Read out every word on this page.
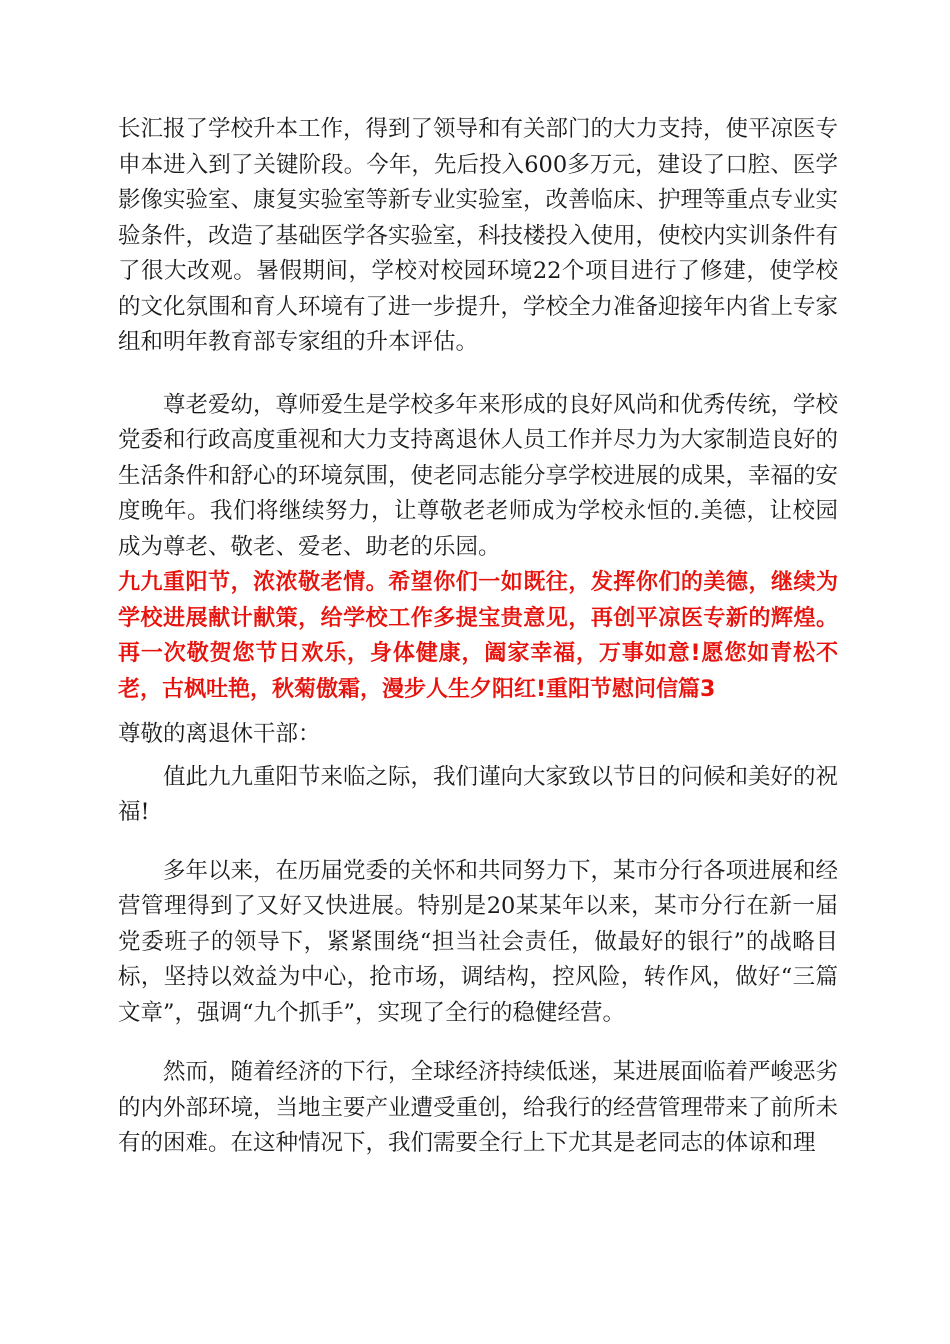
长汇报了学校升本工作，得到了领导和有关部门的大力支持，使平凉医专申本进入到了关键阶段。今年，先后投入600多万元，建设了口腔、医学影像实验室、康复实验室等新专业实验室，改善临床、护理等重点专业实验条件，改造了基础医学各实验室，科技楼投入使用，使校内实训条件有了很大改观。暑假期间，学校对校园环境22个项目进行了修建，使学校的文化氛围和育人环境有了进一步提升，学校全力准备迎接年内省上专家组和明年教育部专家组的升本评估。

尊老爱幼，尊师爱生是学校多年来形成的良好风尚和优秀传统，学校党委和行政高度重视和大力支持离退休人员工作并尽力为大家制造良好的生活条件和舒心的环境氛围，使老同志能分享学校进展的成果，幸福的安度晚年。我们将继续努力，让尊敬老老师成为学校永恒的.美德，让校园成为尊老、敬老、爱老、助老的乐园。

九九重阳节，浓浓敬老情。希望你们一如既往，发挥你们的美德，继续为学校进展献计献策，给学校工作多提宝贵意见，再创平凉医专新的辉煌。再一次敬贺您节日欢乐，身体健康，阖家幸福，万事如意!愿您如青松不老，古枫吐艳，秋菊傲霜，漫步人生夕阳红!重阳节慰问信篇3

尊敬的离退休干部：

值此九九重阳节来临之际，我们谨向大家致以节日的问候和美好的祝福!

多年以来，在历届党委的关怀和共同努力下，某市分行各项进展和经营管理得到了又好又快进展。特别是20某某年以来，某市分行在新一届党委班子的领导下，紧紧围绕“担当社会责任，做最好的银行”的战略目标，坚持以效益为中心，抢市场，调结构，控风险，转作风，做好“三篇文章”，强调“九个抓手”，实现了全行的稳健经营。

然而，随着经济的下行，全球经济持续低迷，某进展面临着严峻恶劣的内外部环境，当地主要产业遭受重创，给我行的经营管理带来了前所未有的困难。在这种情况下，我们需要全行上下尤其是老同志的体谅和理
